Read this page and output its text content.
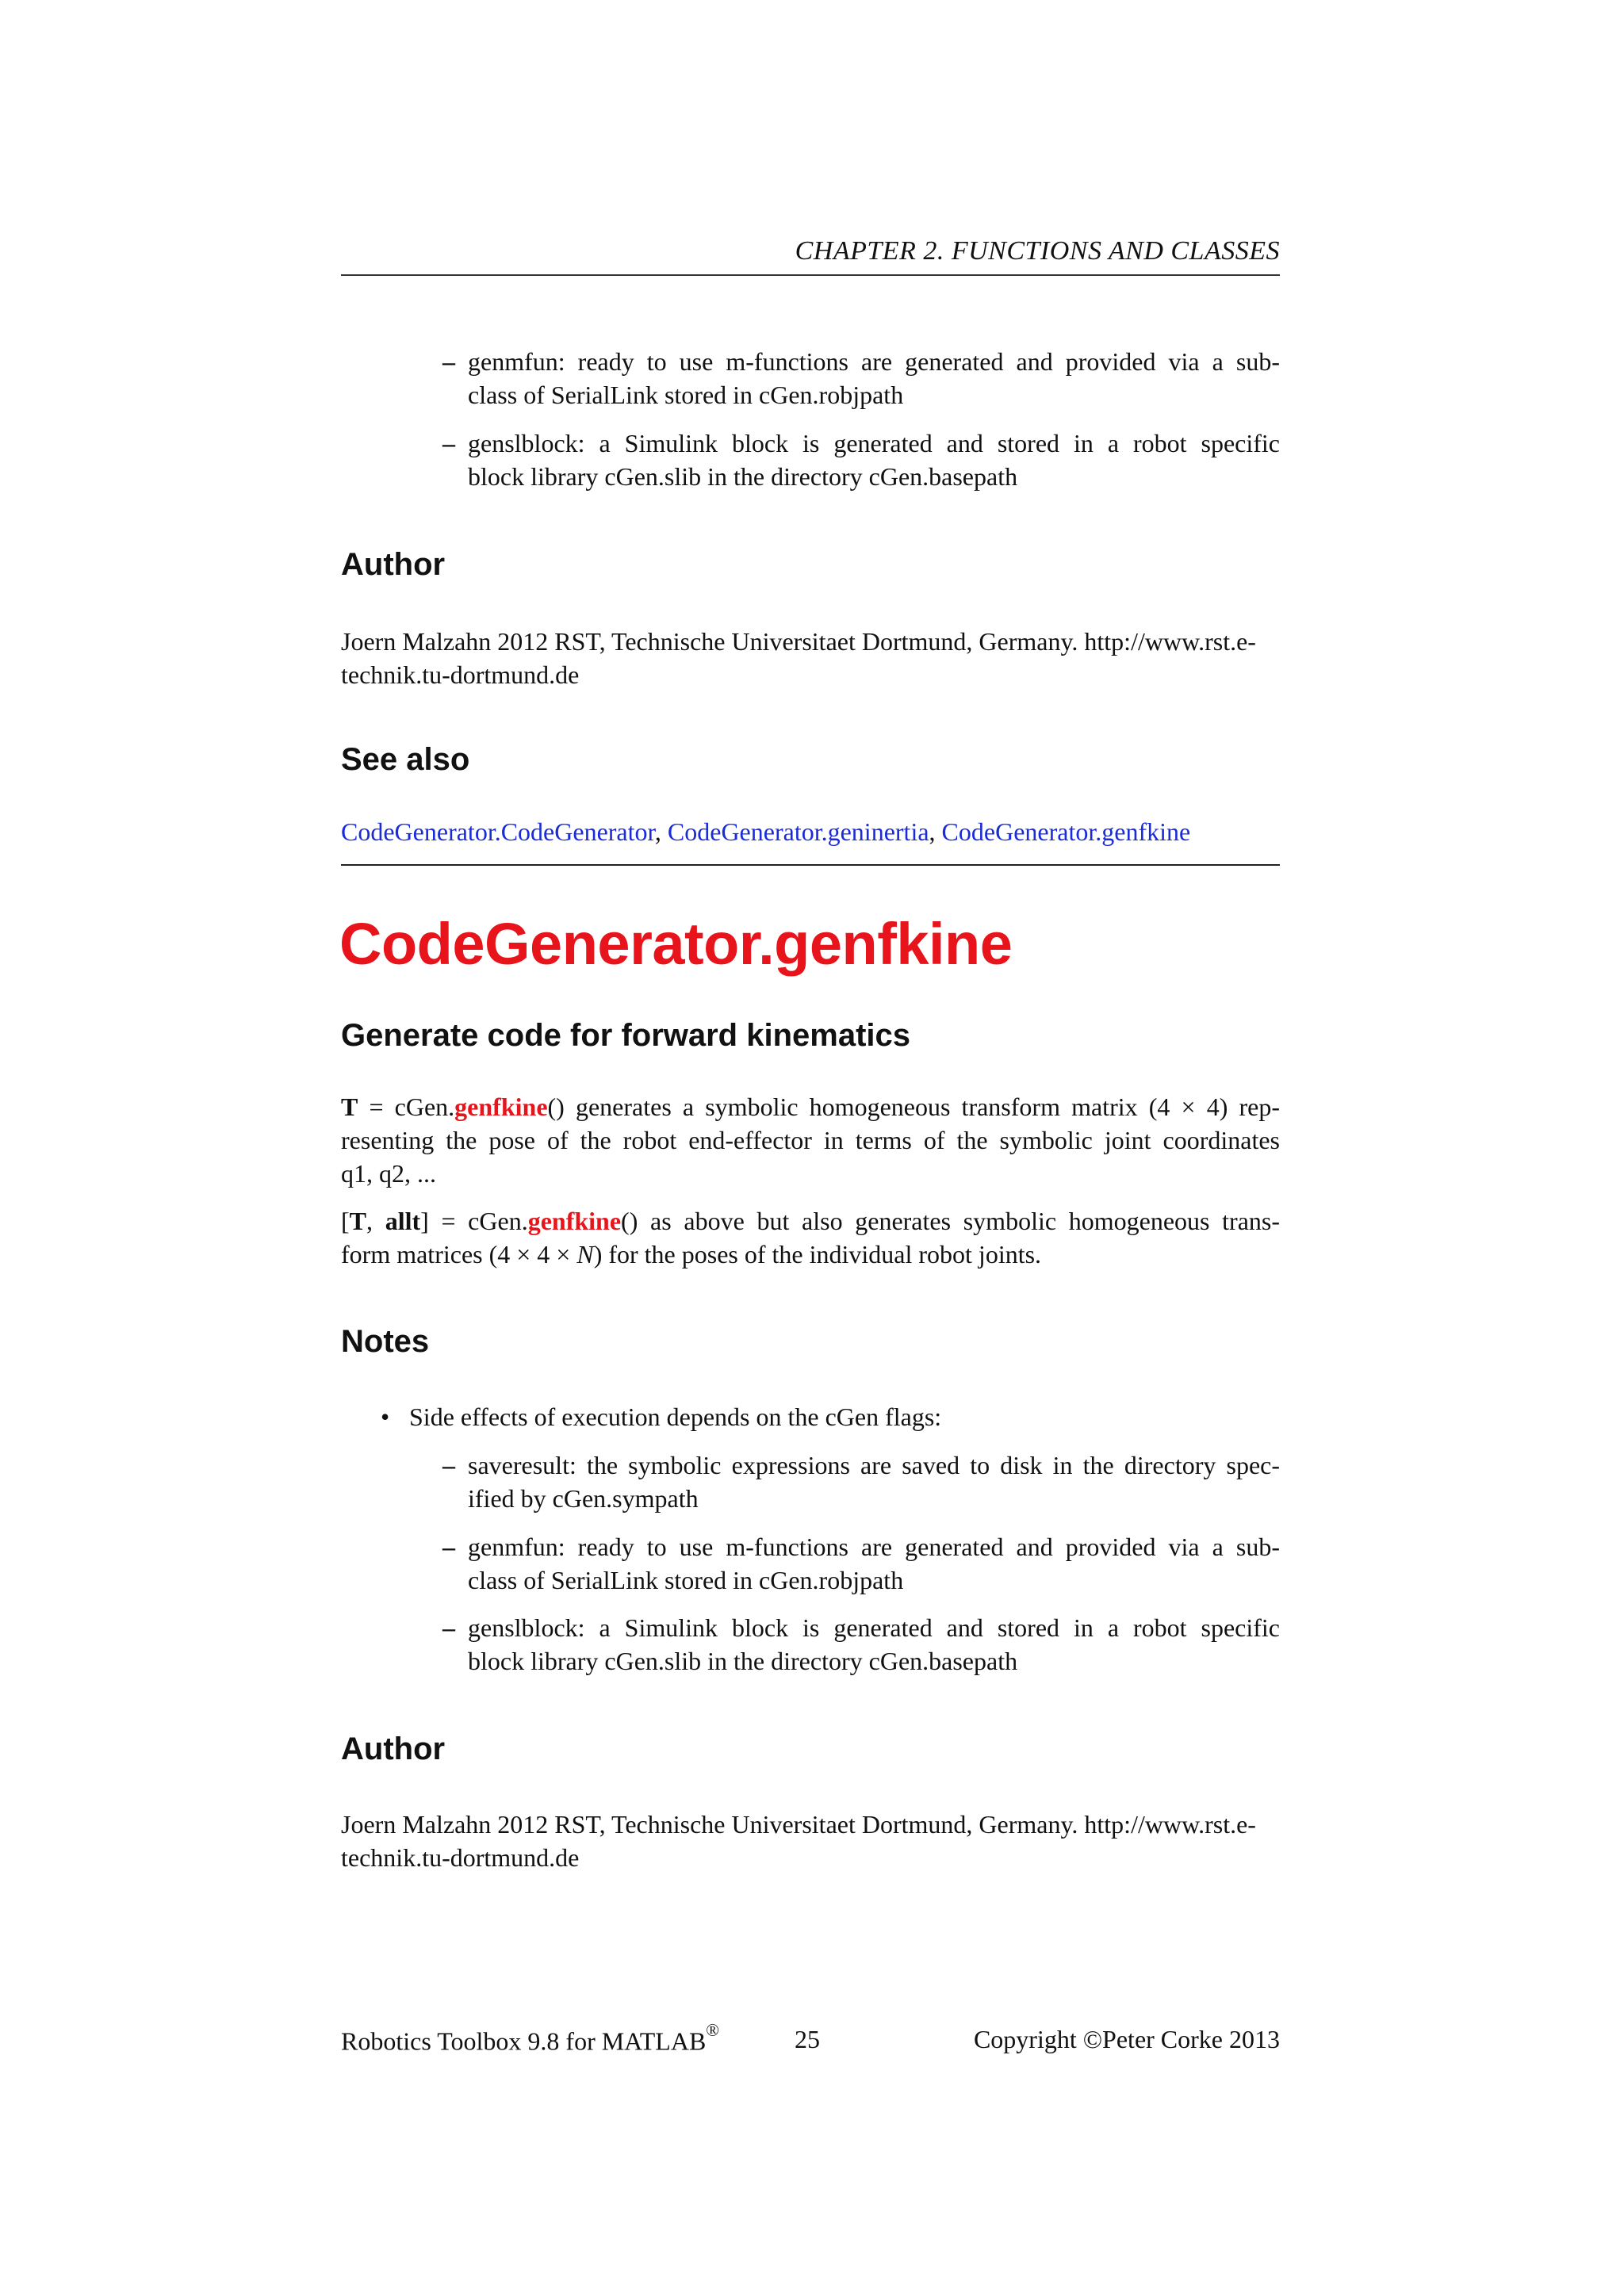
CHAPTER 2. FUNCTIONS AND CLASSES
– genmfun: ready to use m-functions are generated and provided via a sub-
class of SerialLink stored in cGen.robjpath
– genslblock: a Simulink block is generated and stored in a robot specific
block library cGen.slib in the directory cGen.basepath
Author
Joern Malzahn 2012 RST, Technische Universitaet Dortmund, Germany. http://www.rst.e-
technik.tu-dortmund.de
See also
CodeGenerator.CodeGenerator, CodeGenerator.geninertia, CodeGenerator.genfkine
CodeGenerator.genfkine
Generate code for forward kinematics
T = cGen.genfkine() generates a symbolic homogeneous transform matrix (4 × 4) rep-
resenting the pose of the robot end-effector in terms of the symbolic joint coordinates
q1, q2, ...
[T, allt] = cGen.genfkine() as above but also generates symbolic homogeneous trans-
form matrices (4 × 4 × N) for the poses of the individual robot joints.
Notes
• Side effects of execution depends on the cGen flags:
– saveresult: the symbolic expressions are saved to disk in the directory spec-
ified by cGen.sympath
– genmfun: ready to use m-functions are generated and provided via a sub-
class of SerialLink stored in cGen.robjpath
– genslblock: a Simulink block is generated and stored in a robot specific
block library cGen.slib in the directory cGen.basepath
Author
Joern Malzahn 2012 RST, Technische Universitaet Dortmund, Germany. http://www.rst.e-
technik.tu-dortmund.de
Robotics Toolbox 9.8 for MATLAB®	25	Copyright ©Peter Corke 2013
